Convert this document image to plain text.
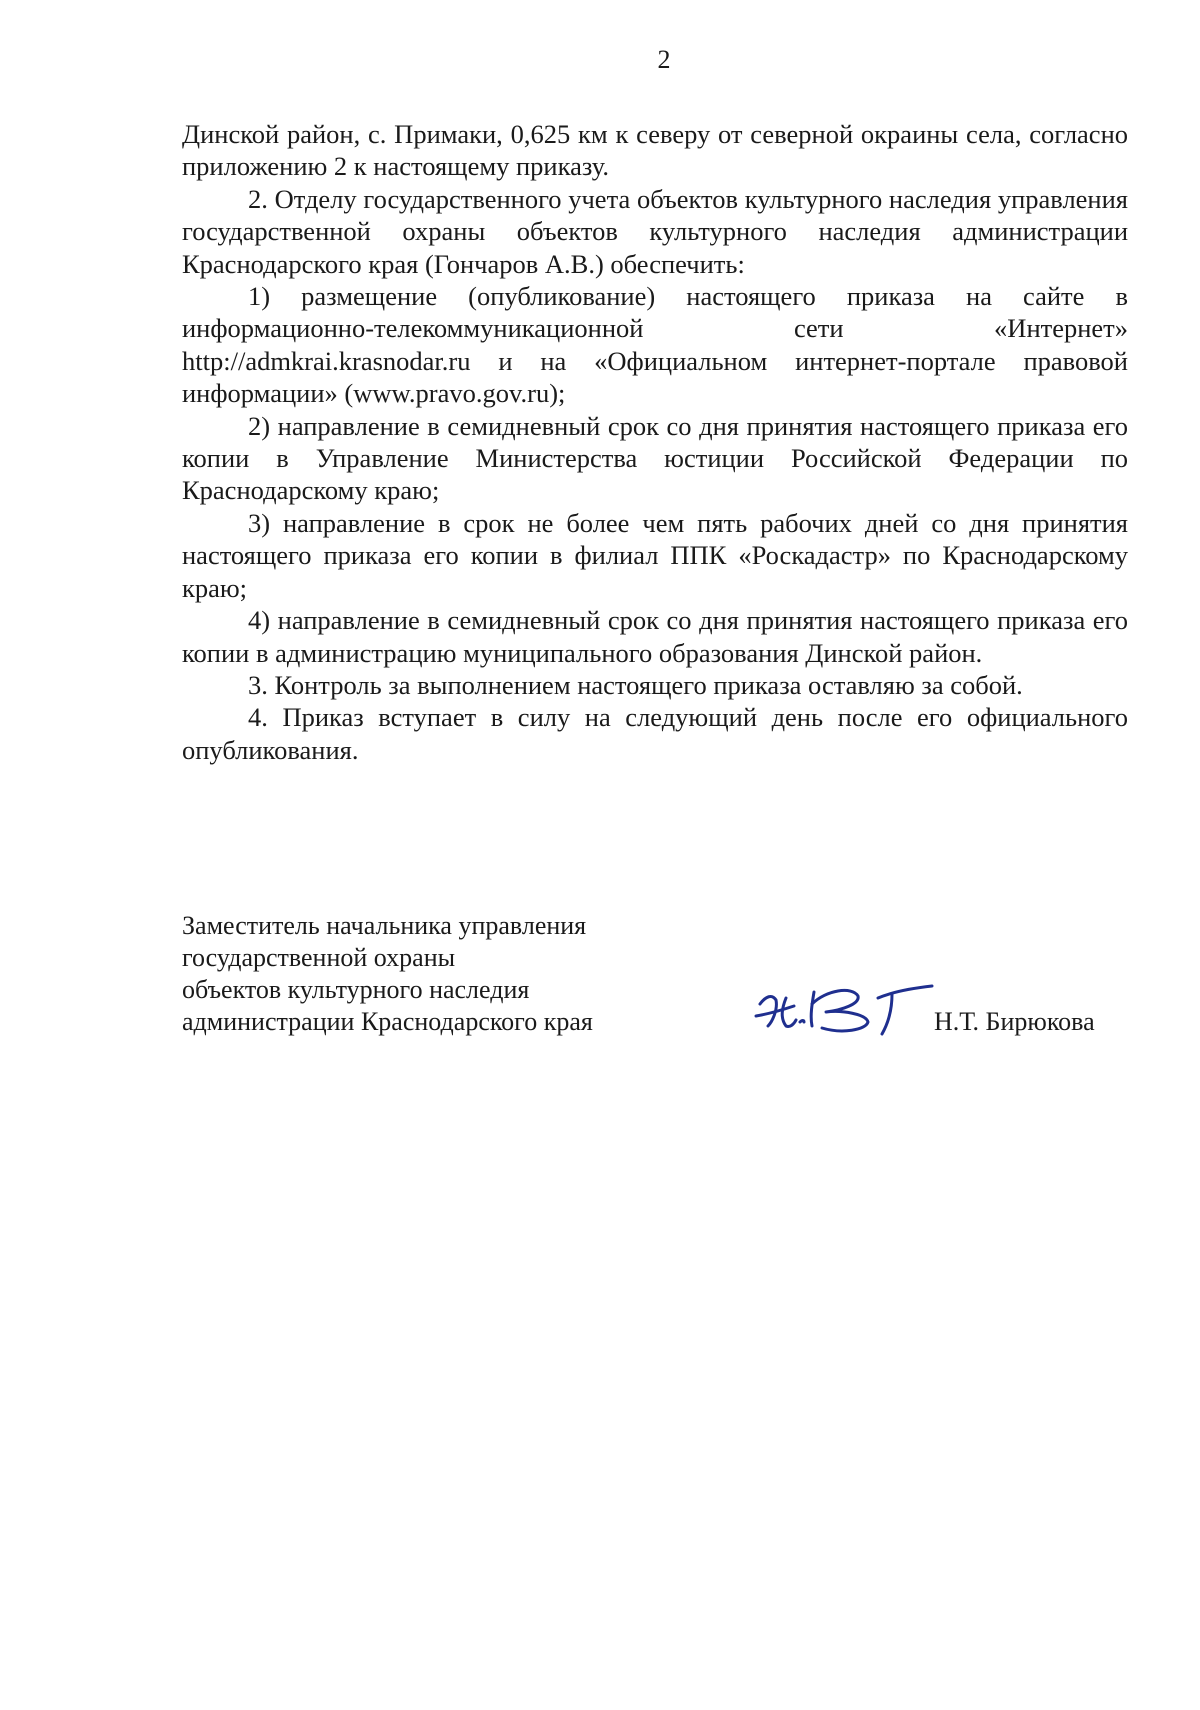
2

Динской район, с. Примаки, 0,625 км к северу от северной окраины села, согласно приложению 2 к настоящему приказу.

2. Отделу государственного учета объектов культурного наследия управления государственной охраны объектов культурного наследия администрации Краснодарского края (Гончаров А.В.) обеспечить:

1) размещение (опубликование) настоящего приказа на сайте в информационно-телекоммуникационной сети «Интернет» http://admkrai.krasnodar.ru и на «Официальном интернет-портале правовой информации» (www.pravo.gov.ru);

2) направление в семидневный срок со дня принятия настоящего приказа его копии в Управление Министерства юстиции Российской Федерации по Краснодарскому краю;

3) направление в срок не более чем пять рабочих дней со дня принятия настоящего приказа его копии в филиал ППК «Роскадастр» по Краснодарскому краю;

4) направление в семидневный срок со дня принятия настоящего приказа его копии в администрацию муниципального образования Динской район.

3. Контроль за выполнением настоящего приказа оставляю за собой.

4. Приказ вступает в силу на следующий день после его официального опубликования.

Заместитель начальника управления
государственной охраны
объектов культурного наследия
администрации Краснодарского края	Н.Т. Бирюкова
